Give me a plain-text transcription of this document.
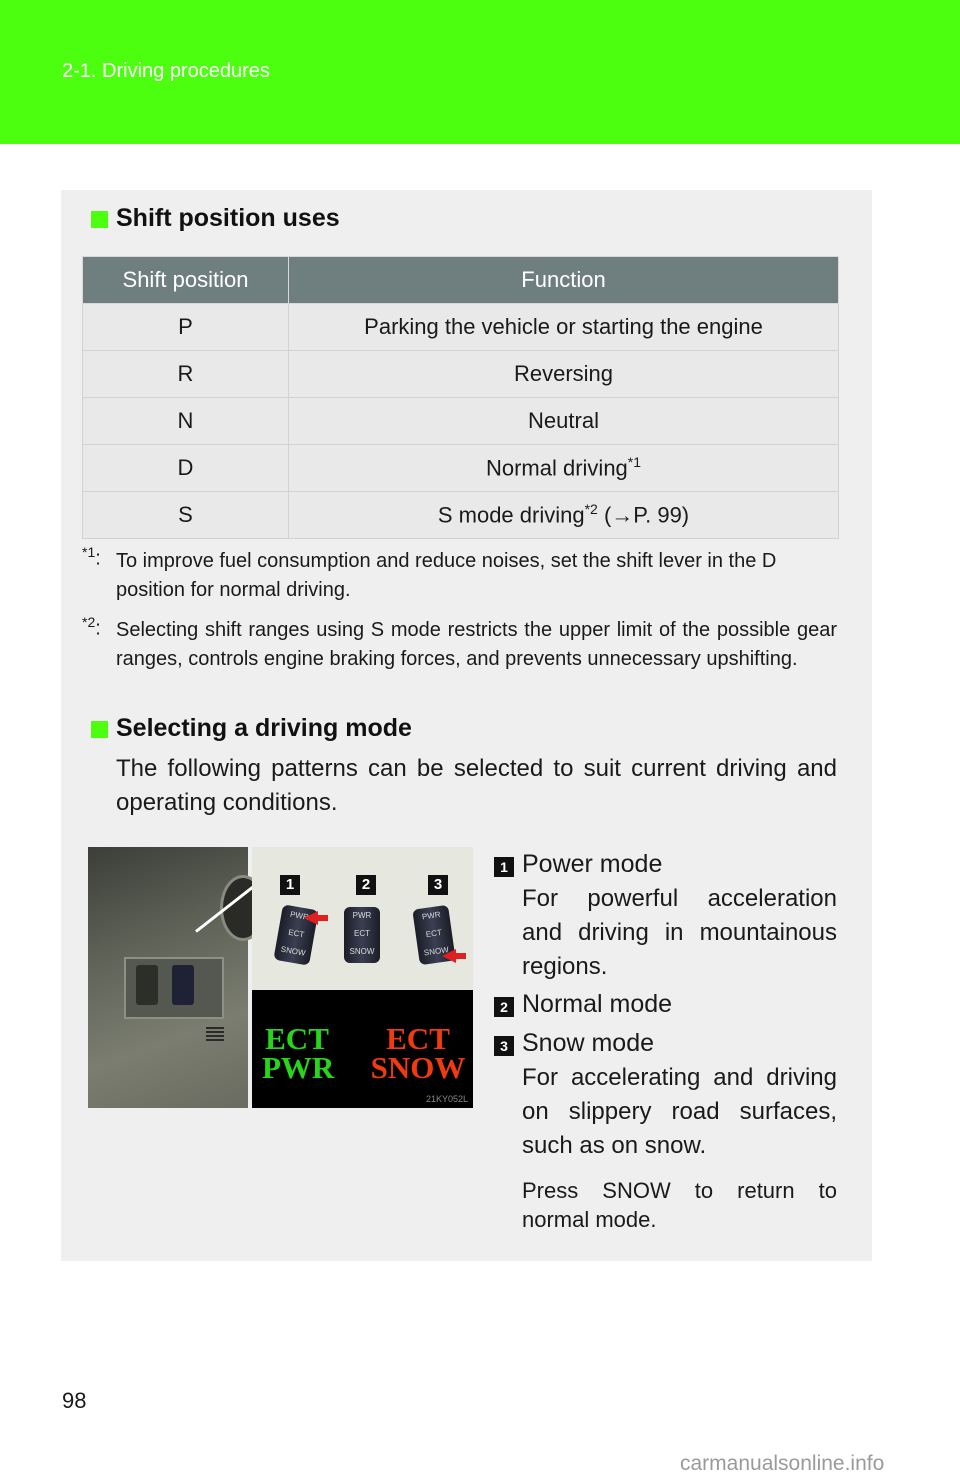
2-1. Driving procedures
Shift position uses
Shift position	Function
P	Parking the vehicle or starting the engine
R	Reversing
N	Neutral
D	Normal driving$^{*1}$
S	S mode driving$^{*2}$ (→P. 99)
$^{*1}$: To improve fuel consumption and reduce noises, set the shift lever in the D position for normal driving.
$^{*2}$: Selecting shift ranges using S mode restricts the upper limit of the possible gear ranges, controls engine braking forces, and prevents unnecessary upshifting.
Selecting a driving mode
The following patterns can be selected to suit current driving and operating conditions.
1	2	3
PWR
ECT
SNOW
PWR
ECT
SNOW
PWR
ECT
SNOW
ECT
PWR
ECT
SNOW
21KY052L
1 Power mode
For powerful acceleration and driving in mountainous regions.
2 Normal mode
3 Snow mode
For accelerating and driving on slippery road surfaces, such as on snow.
Press SNOW to return to normal mode.
98
carmanualsonline.info
